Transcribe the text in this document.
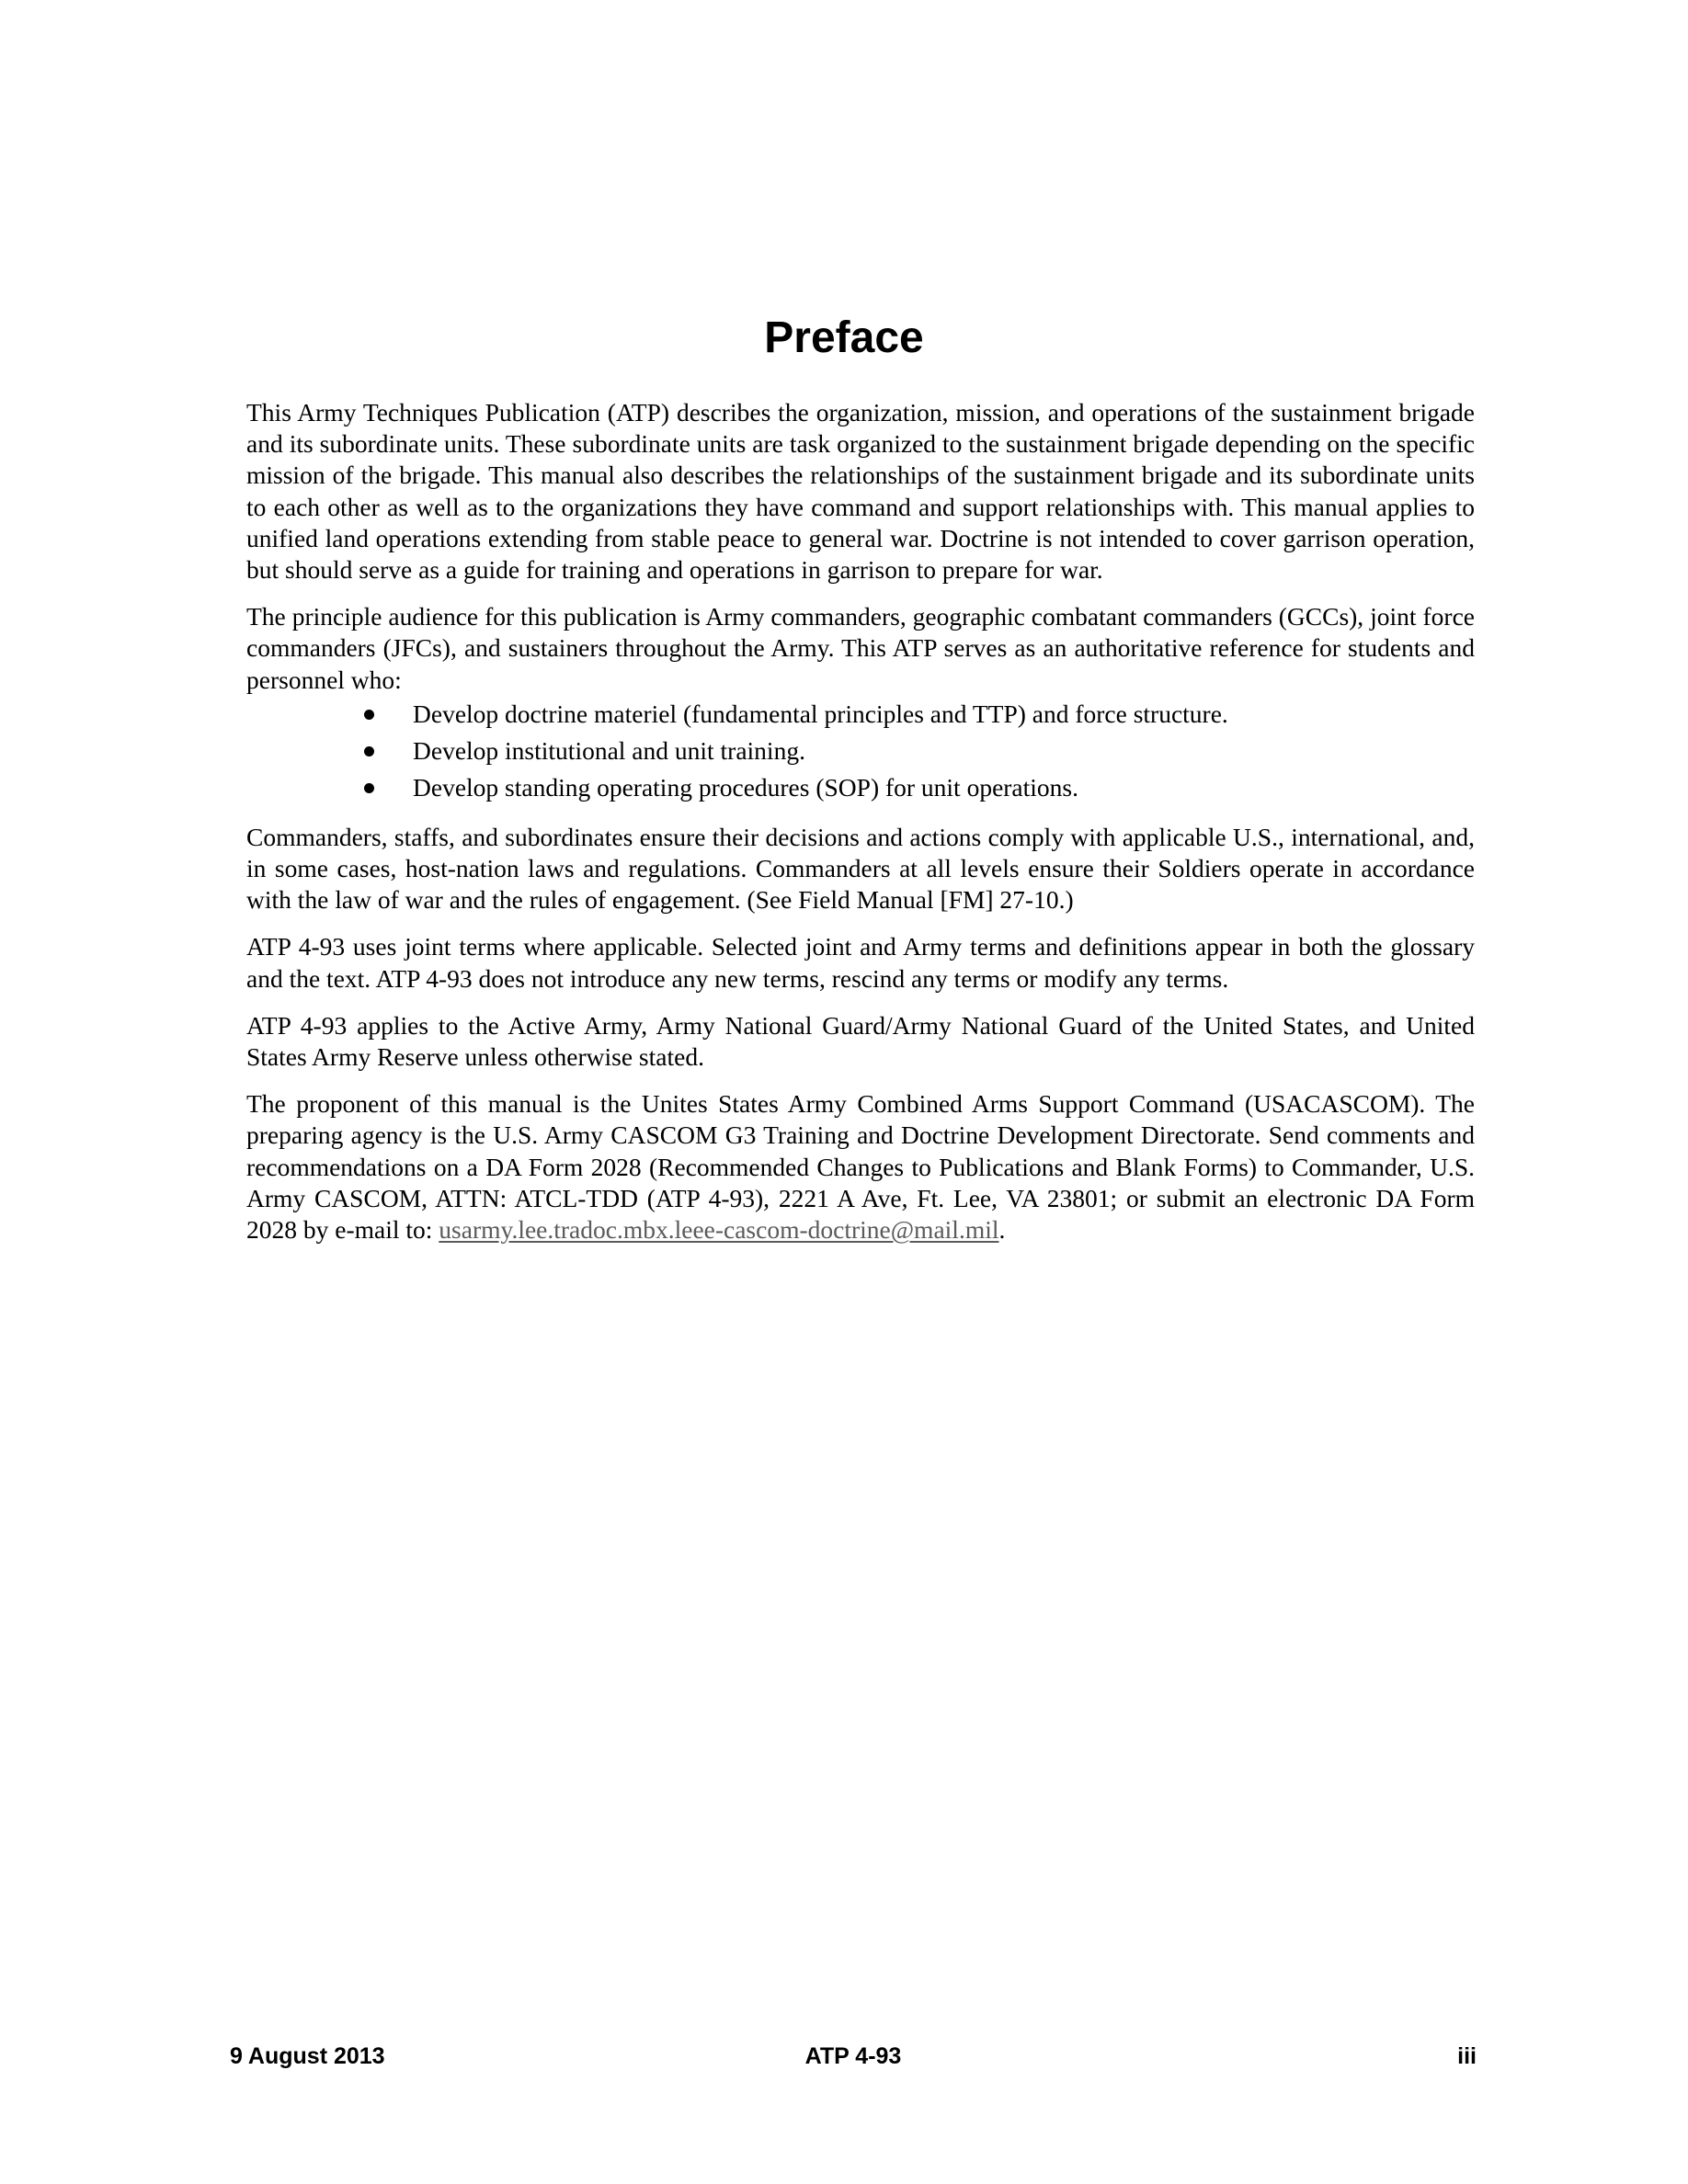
Preface

This Army Techniques Publication (ATP) describes the organization, mission, and operations of the sustainment brigade and its subordinate units. These subordinate units are task organized to the sustainment brigade depending on the specific mission of the brigade. This manual also describes the relationships of the sustainment brigade and its subordinate units to each other as well as to the organizations they have command and support relationships with. This manual applies to unified land operations extending from stable peace to general war. Doctrine is not intended to cover garrison operation, but should serve as a guide for training and operations in garrison to prepare for war.

The principle audience for this publication is Army commanders, geographic combatant commanders (GCCs), joint force commanders (JFCs), and sustainers throughout the Army. This ATP serves as an authoritative reference for students and personnel who:

Develop doctrine materiel (fundamental principles and TTP) and force structure.
Develop institutional and unit training.
Develop standing operating procedures (SOP) for unit operations.

Commanders, staffs, and subordinates ensure their decisions and actions comply with applicable U.S., international, and, in some cases, host-nation laws and regulations. Commanders at all levels ensure their Soldiers operate in accordance with the law of war and the rules of engagement. (See Field Manual [FM] 27-10.)

ATP 4-93 uses joint terms where applicable. Selected joint and Army terms and definitions appear in both the glossary and the text. ATP 4-93 does not introduce any new terms, rescind any terms or modify any terms.

ATP 4-93 applies to the Active Army, Army National Guard/Army National Guard of the United States, and United States Army Reserve unless otherwise stated.

The proponent of this manual is the Unites States Army Combined Arms Support Command (USACASCOM). The preparing agency is the U.S. Army CASCOM G3 Training and Doctrine Development Directorate. Send comments and recommendations on a DA Form 2028 (Recommended Changes to Publications and Blank Forms) to Commander, U.S. Army CASCOM, ATTN: ATCL-TDD (ATP 4-93), 2221 A Ave, Ft. Lee, VA 23801; or submit an electronic DA Form 2028 by e-mail to: usarmy.lee.tradoc.mbx.leee-cascom-doctrine@mail.mil.

9 August 2013	ATP 4-93	iii
